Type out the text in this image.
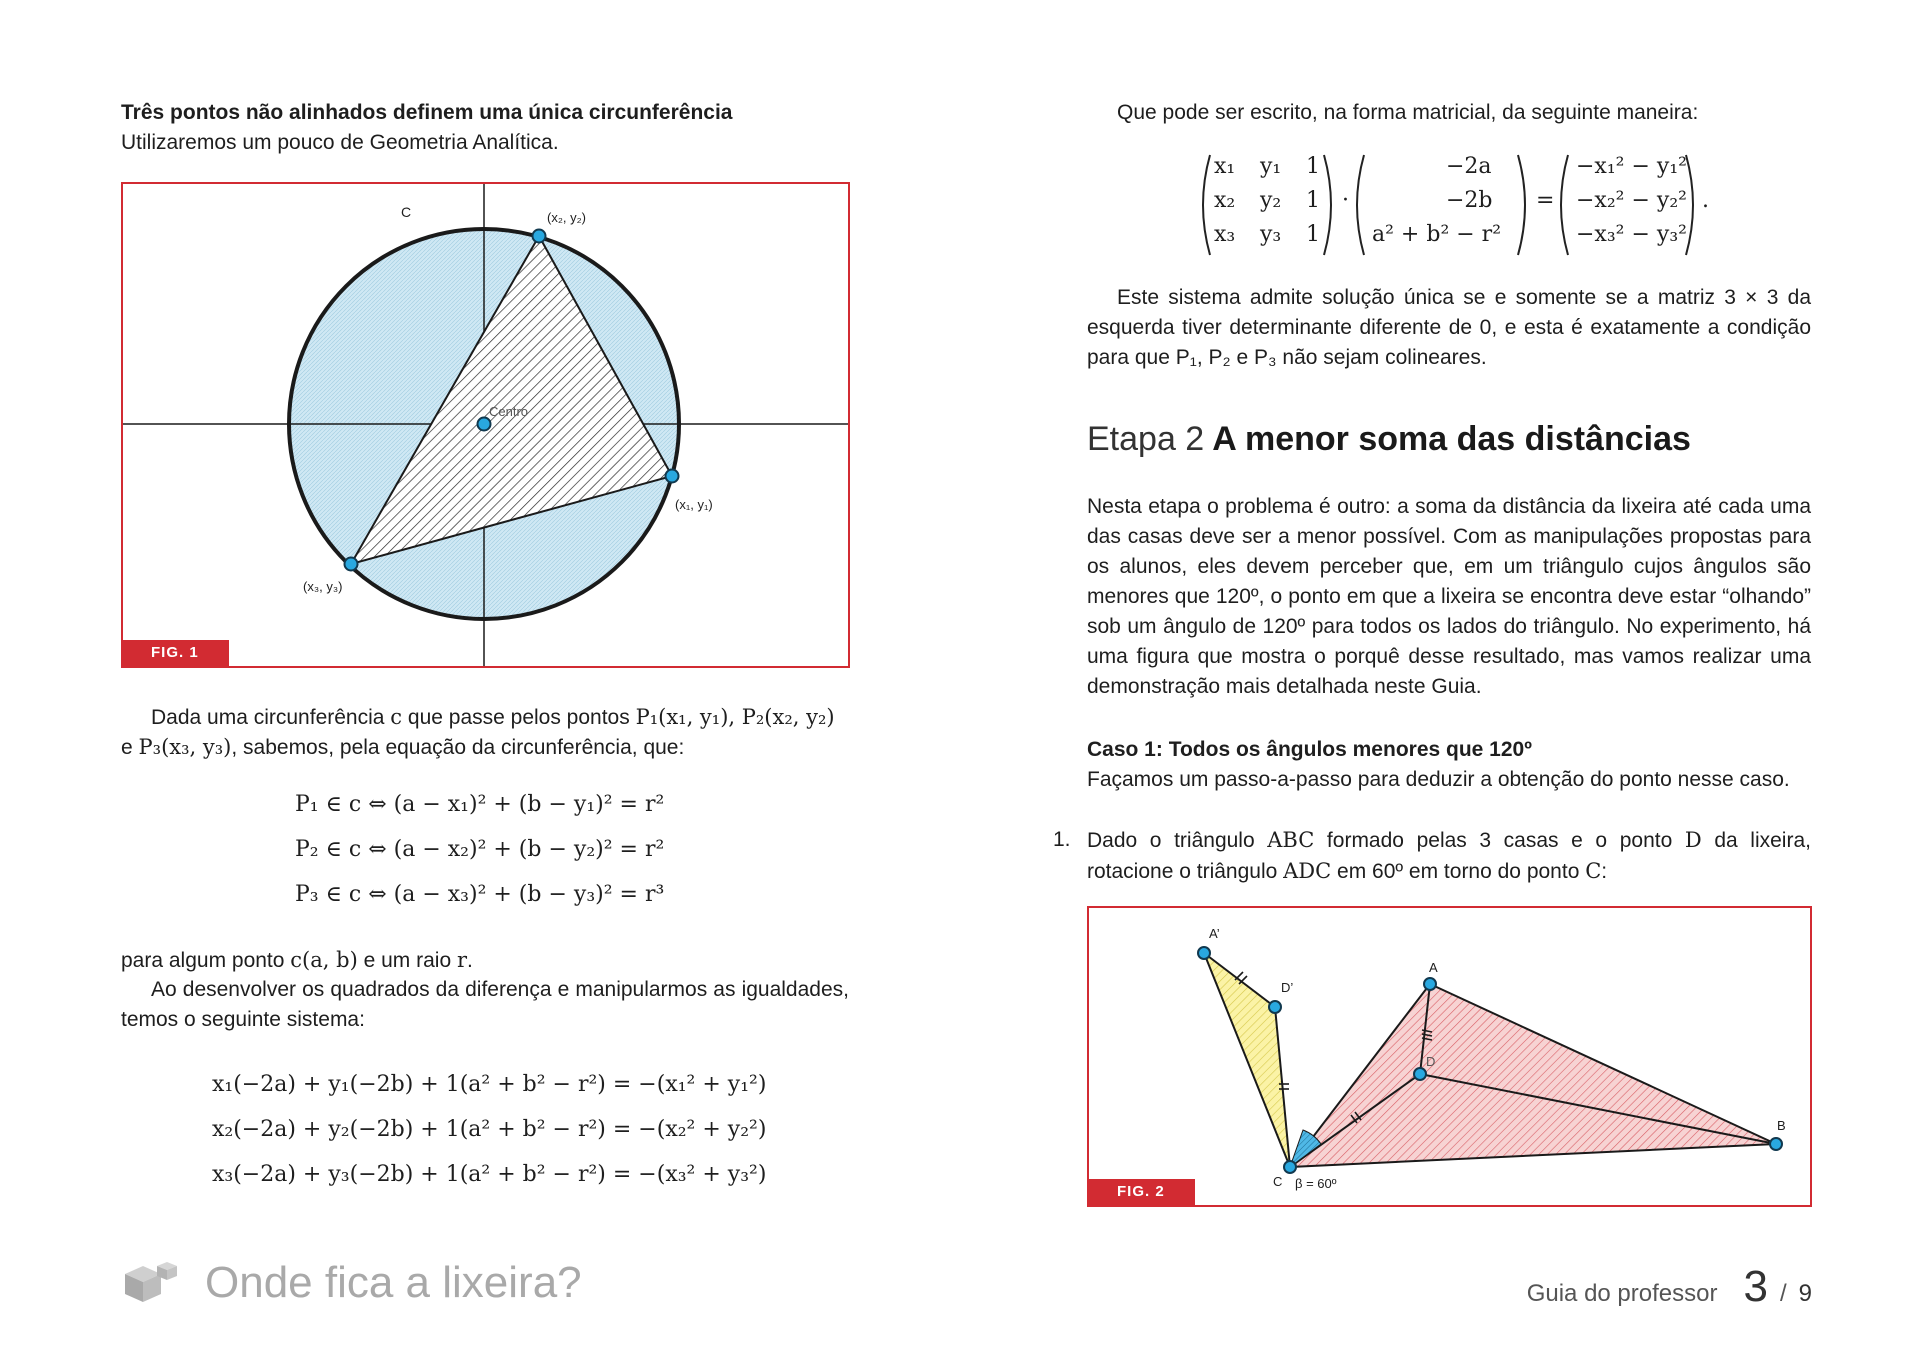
Três pontos não alinhados definem uma única circunferência

Utilizaremos um pouco de Geometria Analítica.

C
Centro
(x₂, y₂)
(x₁, y₁)
(x₃, y₃)
FIG. 1

Dada uma circunferência c que passe pelos pontos P₁(x₁, y₁), P₂(x₂, y₂)

e P₃(x₃, y₃), sabemos, pela equação da circunferência, que:

P₁ ∈ c ⇔ (a − x₁)² + (b − y₁)² = r²
P₂ ∈ c ⇔ (a − x₂)² + (b − y₂)² = r²
P₃ ∈ c ⇔ (a − x₃)² + (b − y₃)² = r³

para algum ponto c(a, b) e um raio r.

Ao desenvolver os quadrados da diferença e manipularmos as igualdades, temos o seguinte sistema:

x₁(−2a) + y₁(−2b) + 1(a² + b² − r²) = −(x₁² + y₁²)
x₂(−2a) + y₂(−2b) + 1(a² + b² − r²) = −(x₂² + y₂²)
x₃(−2a) + y₃(−2b) + 1(a² + b² − r²) = −(x₃² + y₃²)

Que pode ser escrito, na forma matricial, da seguinte maneira:

x₁ y₁ 1
x₂ y₂ 1
x₃ y₃ 1
·
−2a
−2b
a² + b² − r²
=
−x₁² − y₁²
−x₂² − y₂²
−x₃² − y₃²
.

Este sistema admite solução única se e somente se a matriz 3 × 3 da esquerda tiver determinante diferente de 0, e esta é exatamente a condição para que P₁, P₂ e P₃ não sejam colineares.

Etapa 2 A menor soma das distâncias

Nesta etapa o problema é outro: a soma da distância da lixeira até cada uma das casas deve ser a menor possível. Com as manipulações propostas para os alunos, eles devem perceber que, em um triângulo cujos ângulos são menores que 120º, o ponto em que a lixeira se encontra deve estar “olhando” sob um ângulo de 120º para todos os lados do triângulo. No experimento, há uma figura que mostra o porquê desse resultado, mas vamos realizar uma demonstração mais detalhada neste Guia.

Caso 1: Todos os ângulos menores que 120º

Façamos um passo-a-passo para deduzir a obtenção do ponto nesse caso.

1. Dado o triângulo ABC formado pelas 3 casas e o ponto D da lixeira, rotacione o triângulo ADC em 60º em torno do ponto C:
A’
D’
A
D
B
C β = 60º
FIG. 2
Onde fica a lixeira?	Guia do professor 3 / 9
